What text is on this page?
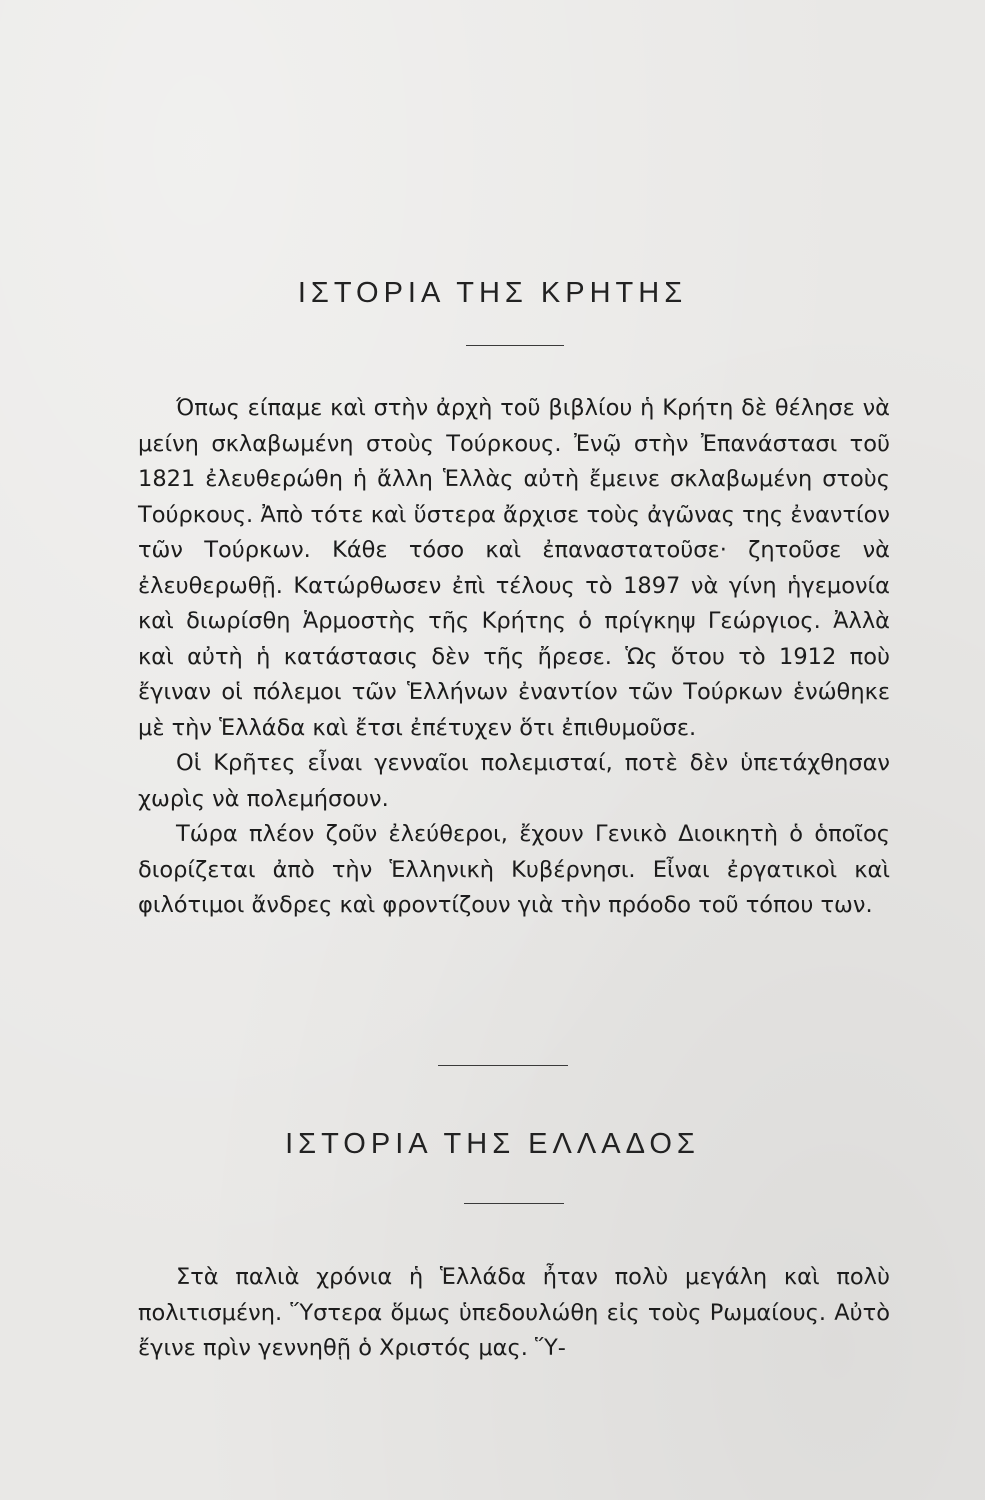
ΙΣΤΟΡΙΑ ΤΗΣ ΚΡΗΤΗΣ

Όπως είπαμε καὶ στὴν ἀρχὴ τοῦ βιβλίου ἡ Κρήτη δὲ θέλησε νὰ μείνη σκλαβωμένη στοὺς Τούρκους. Ἐνῷ στὴν Ἐπανάστασι τοῦ 1821 ἐλευθερώθη ἡ ἄλλη Ἑλλὰς αὐτὴ ἔμεινε σκλαβωμένη στοὺς Τούρκους. Ἀπὸ τότε καὶ ὕστερα ἄρχισε τοὺς ἀγῶνας της ἐναντίον τῶν Τούρκων. Κάθε τόσο καὶ ἐπαναστατοῦσε· ζητοῦσε νὰ ἐλευθερωθῇ. Κατώρθωσεν ἐπὶ τέλους τὸ 1897 νὰ γίνη ἡγεμονία καὶ διωρίσθη Ἁρμοστὴς τῆς Κρήτης ὁ πρίγκηψ Γεώργιος. Ἀλλὰ καὶ αὐτὴ ἡ κατάστασις δὲν τῆς ἤρεσε. Ὡς ὅτου τὸ 1912 ποὺ ἔγιναν οἱ πόλεμοι τῶν Ἑλλήνων ἐναντίον τῶν Τούρκων ἑνώθηκε μὲ τὴν Ἑλλάδα καὶ ἔτσι ἐπέτυχεν ὅτι ἐπιθυμοῦσε.

Οἱ Κρῆτες εἶναι γενναῖοι πολεμισταί, ποτὲ δὲν ὑπετάχθησαν χωρὶς νὰ πολεμήσουν.

Τώρα πλέον ζοῦν ἐλεύθεροι, ἔχουν Γενικὸ Διοικητὴ ὁ ὁποῖος διορίζεται ἀπὸ τὴν Ἑλληνικὴ Κυβέρνησι. Εἶναι ἐργατικοὶ καὶ φιλότιμοι ἄνδρες καὶ φροντίζουν γιὰ τὴν πρόοδο τοῦ τόπου των.

ΙΣΤΟΡΙΑ ΤΗΣ ΕΛΛΑΔΟΣ

Στὰ παλιὰ χρόνια ἡ Ἑλλάδα ἦταν πολὺ μεγάλη καὶ πολὺ πολιτισμένη. Ὕστερα ὅμως ὑπεδουλώθη εἰς τοὺς Ρωμαίους. Αὐτὸ ἔγινε πρὶν γεννηθῇ ὁ Χριστός μας. Ὕ-
